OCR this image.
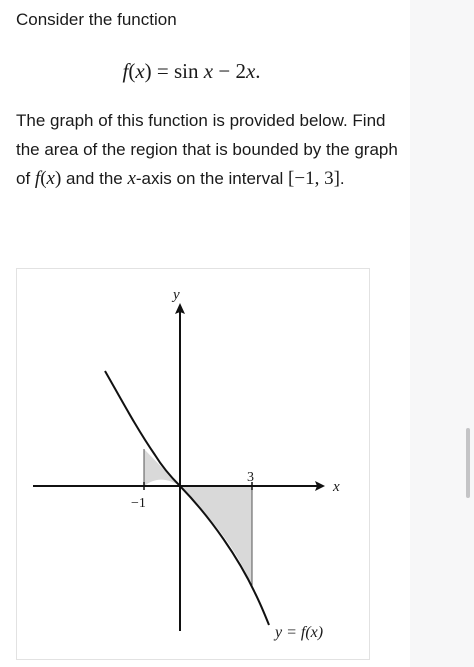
Consider the function

f(x) = sin x − 2x.

The graph of this function is provided below. Find the area of the region that is bounded by the graph of f(x) and the x-axis on the interval [−1, 3].

y
x
−1
3
y = f(x)
